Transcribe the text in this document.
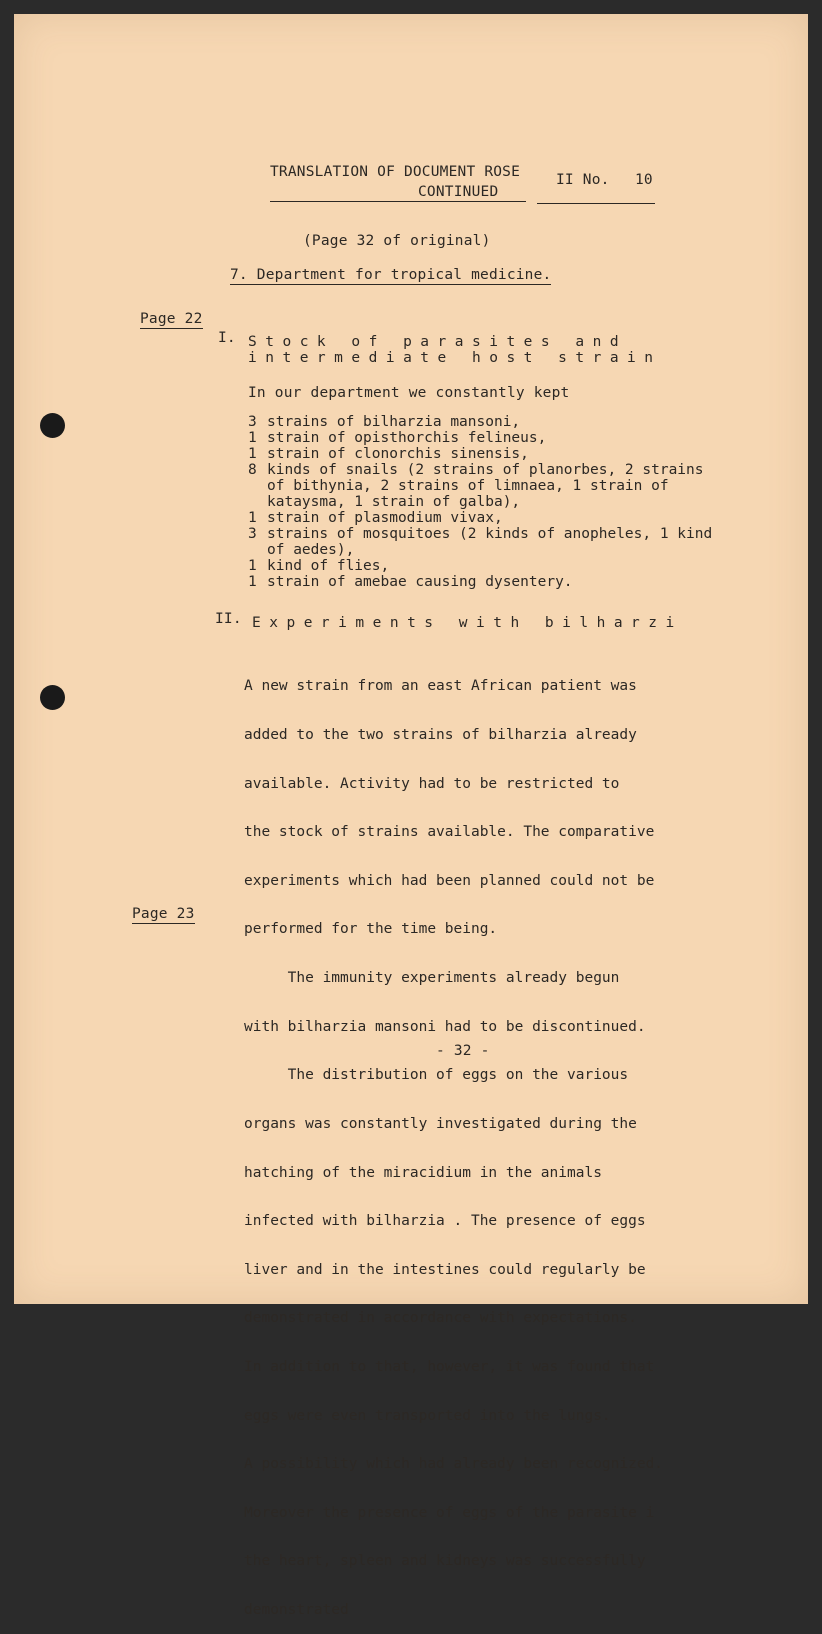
TRANSLATION OF DOCUMENT ROSE
CONTINUED
II No. 10
(Page 32 of original)
7. Department for tropical medicine.
Page 22
Page 23
I. Stock of parasites and
intermediate host strain
In our department we constantly kept
3 strains of bilharzia mansoni,
1 strain of opisthorchis felineus,
1 strain of clonorchis sinensis,
8 kinds of snails (2 strains of planorbes, 2 strains of bithynia, 2 strains of limnaea, 1 strain of kataysma, 1 strain of galba),
1 strain of plasmodium vivax,
3 strains of mosquitoes (2 kinds of anopheles, 1 kind of aedes),
1 kind of flies,
1 strain of amebae causing dysentery.
II. Experiments with bilharzi

A new strain from an east African patient was

added to the two strains of bilharzia already

available. Activity had to be restricted to

the stock of strains available. The comparative

experiments which had been planned could not be

performed for the time being.

The immunity experiments already begun

with bilharzia mansoni had to be discontinued.

The distribution of eggs on the various

organs was constantly investigated during the

hatching of the miracidium in the animals

infected with bilharzia . The presence of eggs

liver and in the intestines could regularly be

demonstrated in accordance with expectations.

In addition to that, however, it was found that

eggs were even transported into the lungs.

A possibility which had already been recognized.

Moreover the presence of eggs of the parasite i

the heart, spleen and kidneys was successfully

demonstrated

- 32 -
